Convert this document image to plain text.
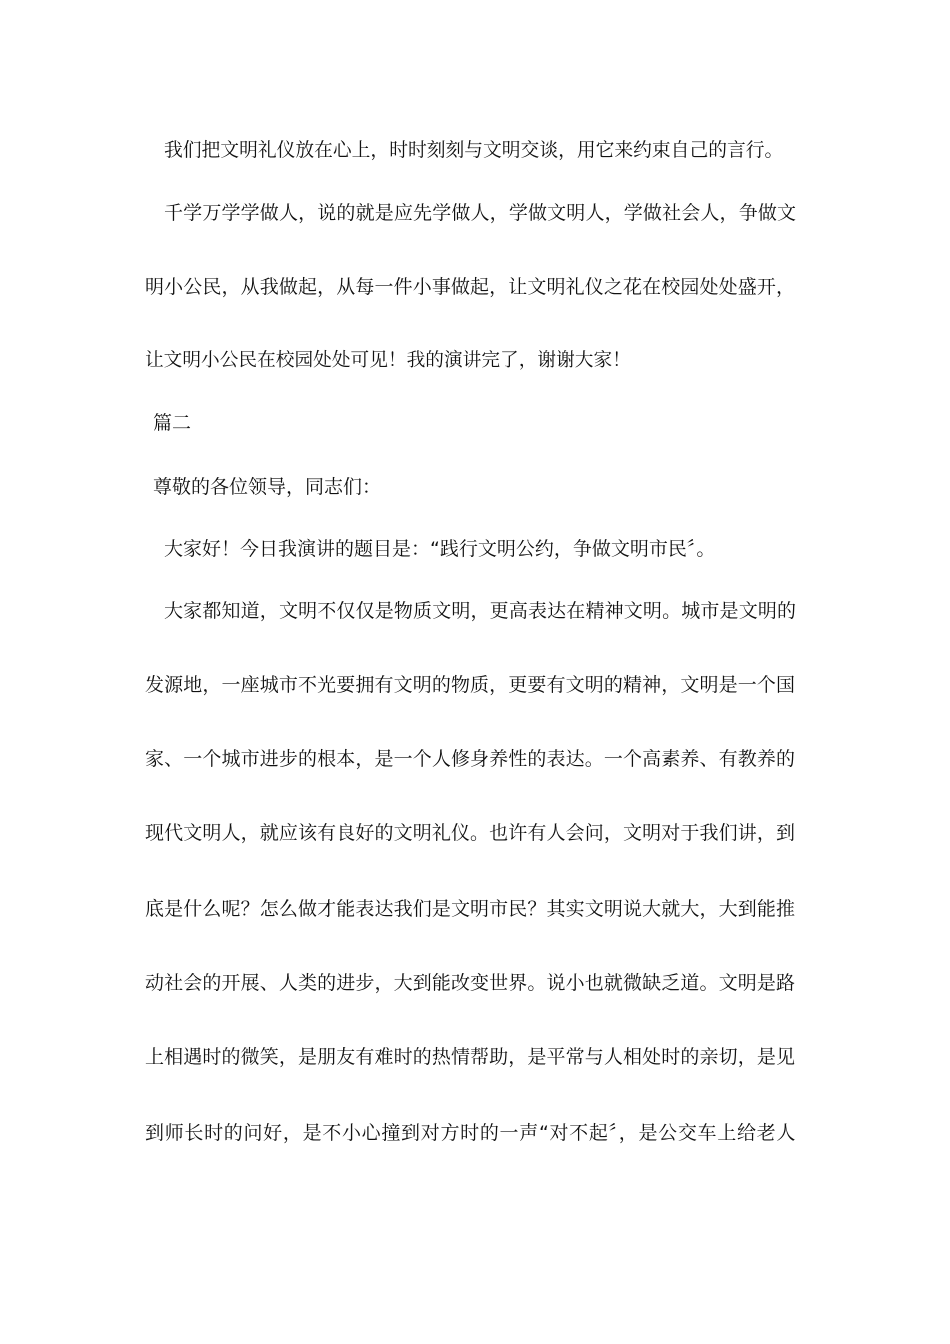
我们把文明礼仪放在心上，时时刻刻与文明交谈，用它来约束自己的言行。

千学万学学做人，说的就是应先学做人，学做文明人，学做社会人，争做文

明小公民，从我做起，从每一件小事做起，让文明礼仪之花在校园处处盛开，

让文明小公民在校园处处可见！我的演讲完了，谢谢大家！

篇二

尊敬的各位领导，同志们：

大家好！今日我演讲的题目是：“践行文明公约，争做文明市民〞。

大家都知道，文明不仅仅是物质文明，更高表达在精神文明。城市是文明的

发源地，一座城市不光要拥有文明的物质，更要有文明的精神，文明是一个国

家、一个城市进步的根本，是一个人修身养性的表达。一个高素养、有教养的

现代文明人，就应该有良好的文明礼仪。也许有人会问，文明对于我们讲，到

底是什么呢？怎么做才能表达我们是文明市民？其实文明说大就大，大到能推

动社会的开展、人类的进步，大到能改变世界。说小也就微缺乏道。文明是路

上相遇时的微笑，是朋友有难时的热情帮助，是平常与人相处时的亲切，是见

到师长时的问好，是不小心撞到对方时的一声“对不起〞，是公交车上给老人
